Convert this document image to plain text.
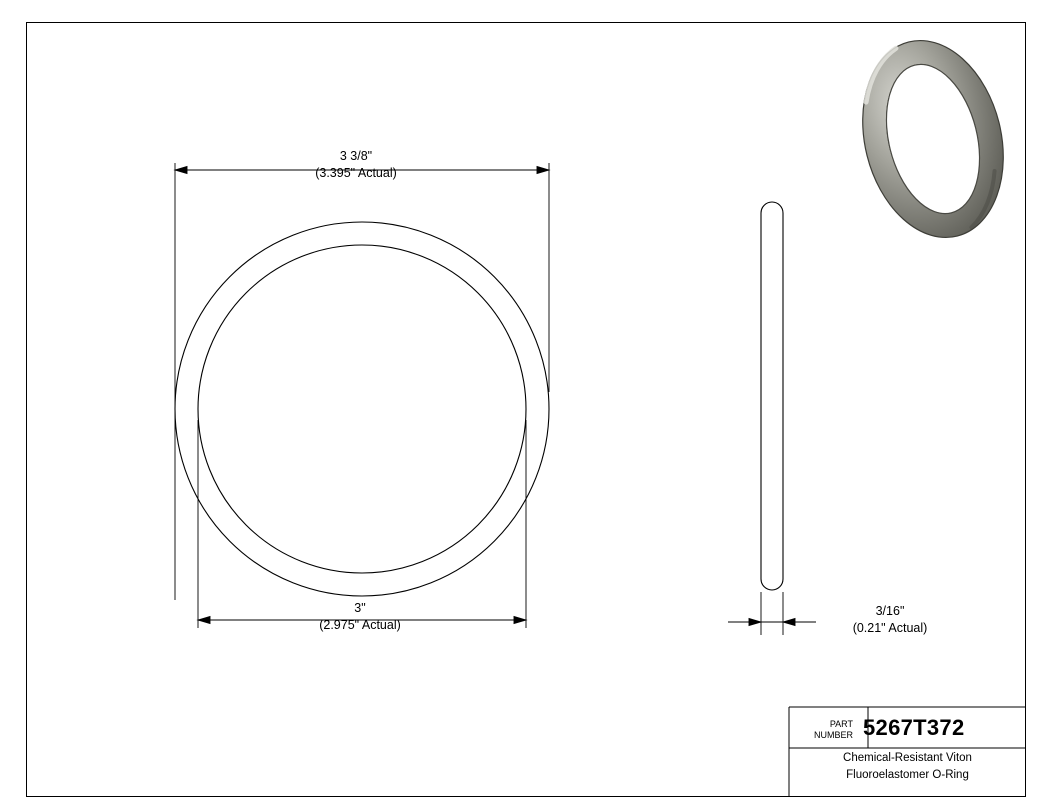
3 3/8"
(3.395" Actual)
3"
(2.975" Actual)
3/16"
(0.21" Actual)
PART
NUMBER 5267T372
Chemical-Resistant Viton
Fluoroelastomer O-Ring
